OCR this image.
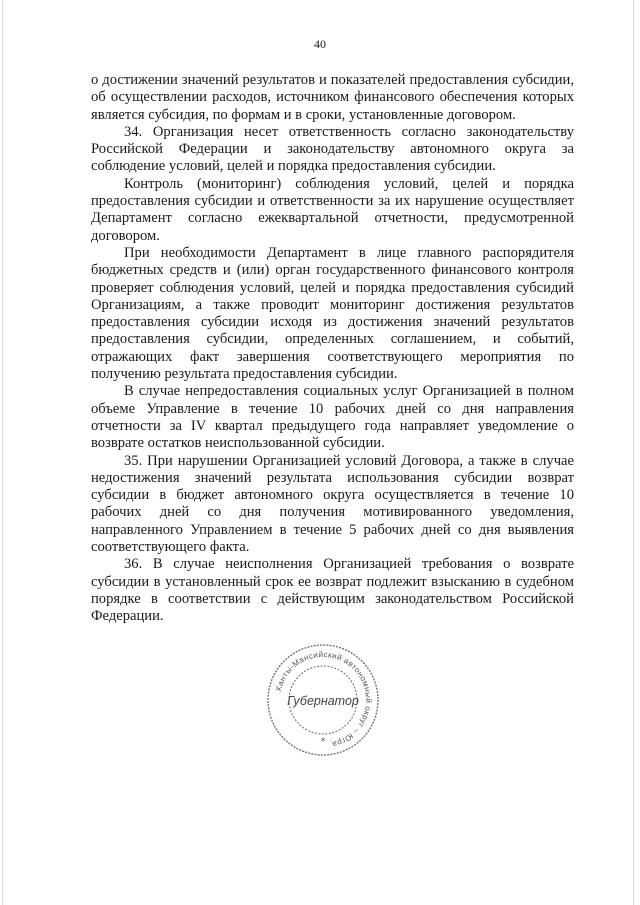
40

о достижении значений результатов и показателей предоставления субсидии, об осуществлении расходов, источником финансового обеспечения которых является субсидия, по формам и в сроки, установленные договором.

34. Организация несет ответственность согласно законодательству Российской Федерации и законодательству автономного округа за соблюдение условий, целей и порядка предоставления субсидии.

Контроль (мониторинг) соблюдения условий, целей и порядка предоставления субсидии и ответственности за их нарушение осуществляет Департамент согласно ежеквартальной отчетности, предусмотренной договором.

При необходимости Департамент в лице главного распорядителя бюджетных средств и (или) орган государственного финансового контроля проверяет соблюдения условий, целей и порядка предоставления субсидий Организациям, а также проводит мониторинг достижения результатов предоставления субсидии исходя из достижения значений результатов предоставления субсидии, определенных соглашением, и событий, отражающих факт завершения соответствующего мероприятия по получению результата предоставления субсидии.

В случае непредоставления социальных услуг Организацией в полном объеме Управление в течение 10 рабочих дней со дня направления отчетности за IV квартал предыдущего года направляет уведомление о возврате остатков неиспользованной субсидии.

35. При нарушении Организацией условий Договора, а также в случае недостижения значений результата использования субсидии возврат субсидии в бюджет автономного округа осуществляется в течение 10 рабочих дней со дня получения мотивированного уведомления, направленного Управлением в течение 5 рабочих дней со дня выявления соответствующего факта.

36. В случае неисполнения Организацией требования о возврате субсидии в установленный срок ее возврат подлежит взысканию в судебном порядке в соответствии с действующим законодательством Российской Федерации.

Ханты-Мансийский автономный округ – Югра
Губернатор
*
